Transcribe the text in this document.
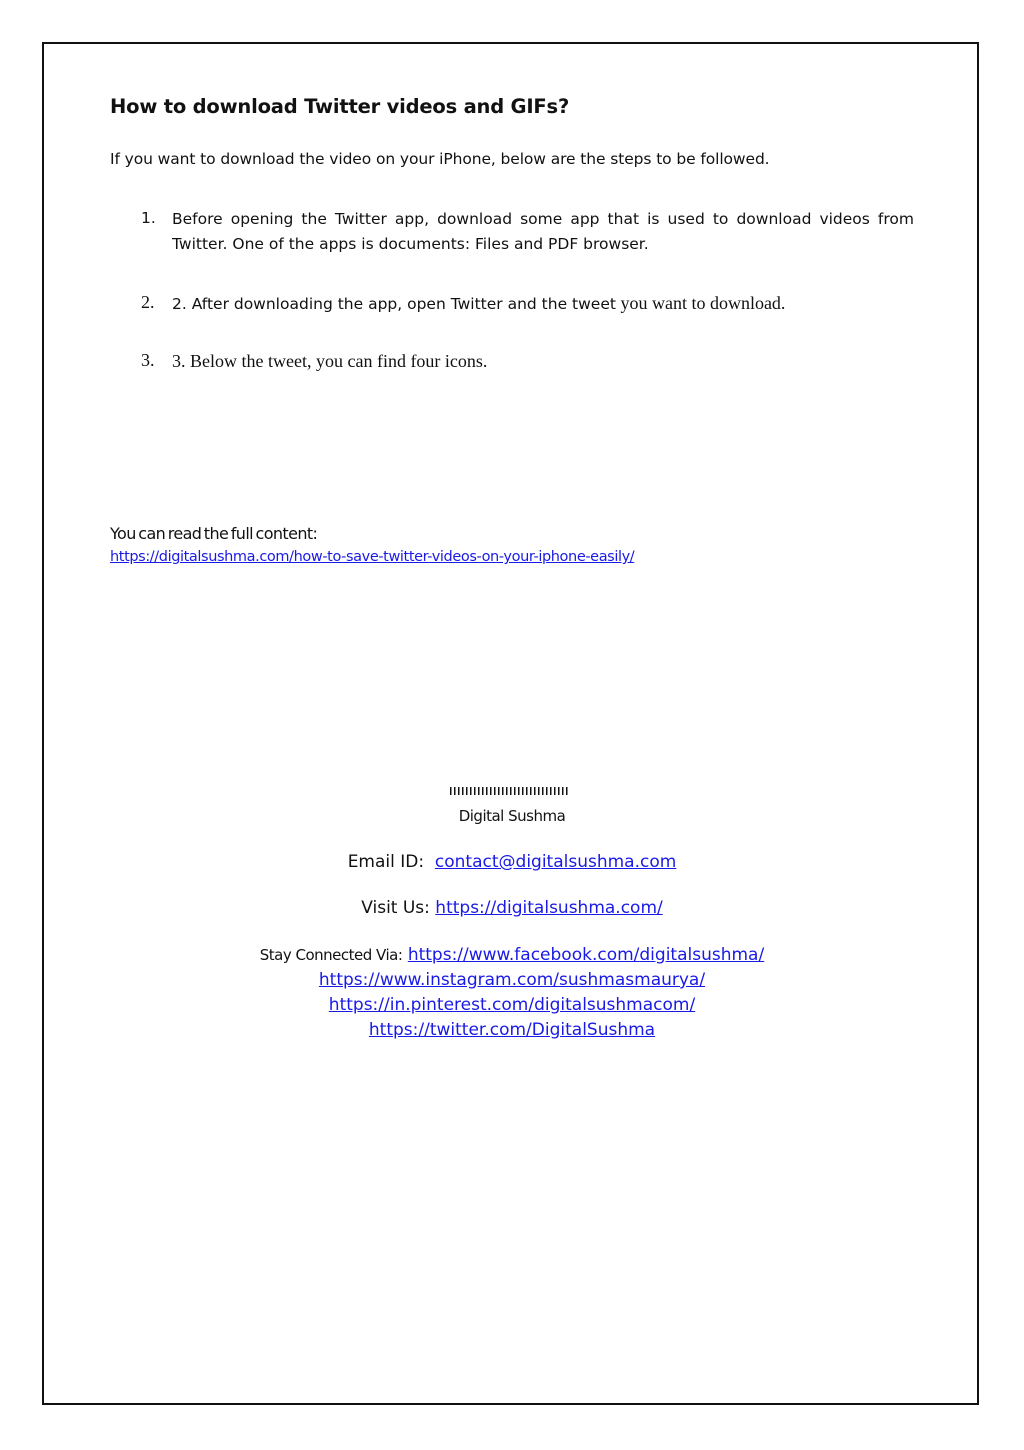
How to download Twitter videos and GIFs?
If you want to download the video on your iPhone, below are the steps to be followed.
1. Before opening the Twitter app, download some app that is used to download videos from Twitter. One of the apps is documents: Files and PDF browser.
2. 2. After downloading the app, open Twitter and the tweet you want to download.
3. 3. Below the tweet, you can find four icons.
You can read the full content:
https://digitalsushma.com/how-to-save-twitter-videos-on-your-iphone-easily/
Digital Sushma
Email ID: contact@digitalsushma.com
Visit Us: https://digitalsushma.com/
Stay Connected Via: https://www.facebook.com/digitalsushma/
https://www.instagram.com/sushmasmaurya/
https://in.pinterest.com/digitalsushmacom/
https://twitter.com/DigitalSushma
